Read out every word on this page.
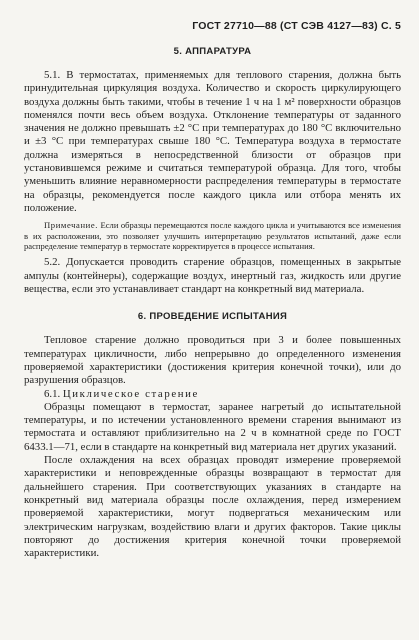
ГОСТ 27710—88 (СТ СЭВ 4127—83) С. 5
5. АППАРАТУРА

5.1. В термостатах, применяемых для теплового старения, должна быть принудительная циркуляция воздуха. Количество и скорость циркулирующего воздуха должны быть такими, чтобы в течение 1 ч на 1 м² поверхности образцов поменялся почти весь объем воздуха. Отклонение температуры от заданного значения не должно превышать ±2 °С при температурах до 180 °С включительно и ±3 °С при температурах свыше 180 °С. Температура воздуха в термостате должна измеряться в непосредственной близости от образцов при установившемся режиме и считаться температурой образца. Для того, чтобы уменьшить влияние неравномерности распределения температуры в термостате на образцы, рекомендуется после каждого цикла или отбора менять их положение.

Примечание. Если образцы перемещаются после каждого цикла и учитываются все изменения в их расположении, это позволяет улучшить интерпретацию результатов испытаний, даже если распределение температур в термостате корректируется в процессе испытания.

5.2. Допускается проводить старение образцов, помещенных в закрытые ампулы (контейнеры), содержащие воздух, инертный газ, жидкость или другие вещества, если это устанавливает стандарт на конкретный вид материала.

6. ПРОВЕДЕНИЕ ИСПЫТАНИЯ

Тепловое старение должно проводиться при 3 и более повышенных температурах цикличности, либо непрерывно до определенного изменения проверяемой характеристики (достижения критерия конечной точки), или до разрушения образцов.

6.1. Циклическое старение

Образцы помещают в термостат, заранее нагретый до испытательной температуры, и по истечении установленного времени старения вынимают из термостата и оставляют приблизительно на 2 ч в комнатной среде по ГОСТ 6433.1—71, если в стандарте на конкретный вид материала нет других указаний.

После охлаждения на всех образцах проводят измерение проверяемой характеристики и неповрежденные образцы возвращают в термостат для дальнейшего старения. При соответствующих указаниях в стандарте на конкретный вид материала образцы после охлаждения, перед измерением проверяемой характеристики, могут подвергаться механическим или электрическим нагрузкам, воздействию влаги и других факторов. Такие циклы повторяют до достижения критерия конечной точки проверяемой характеристики.
